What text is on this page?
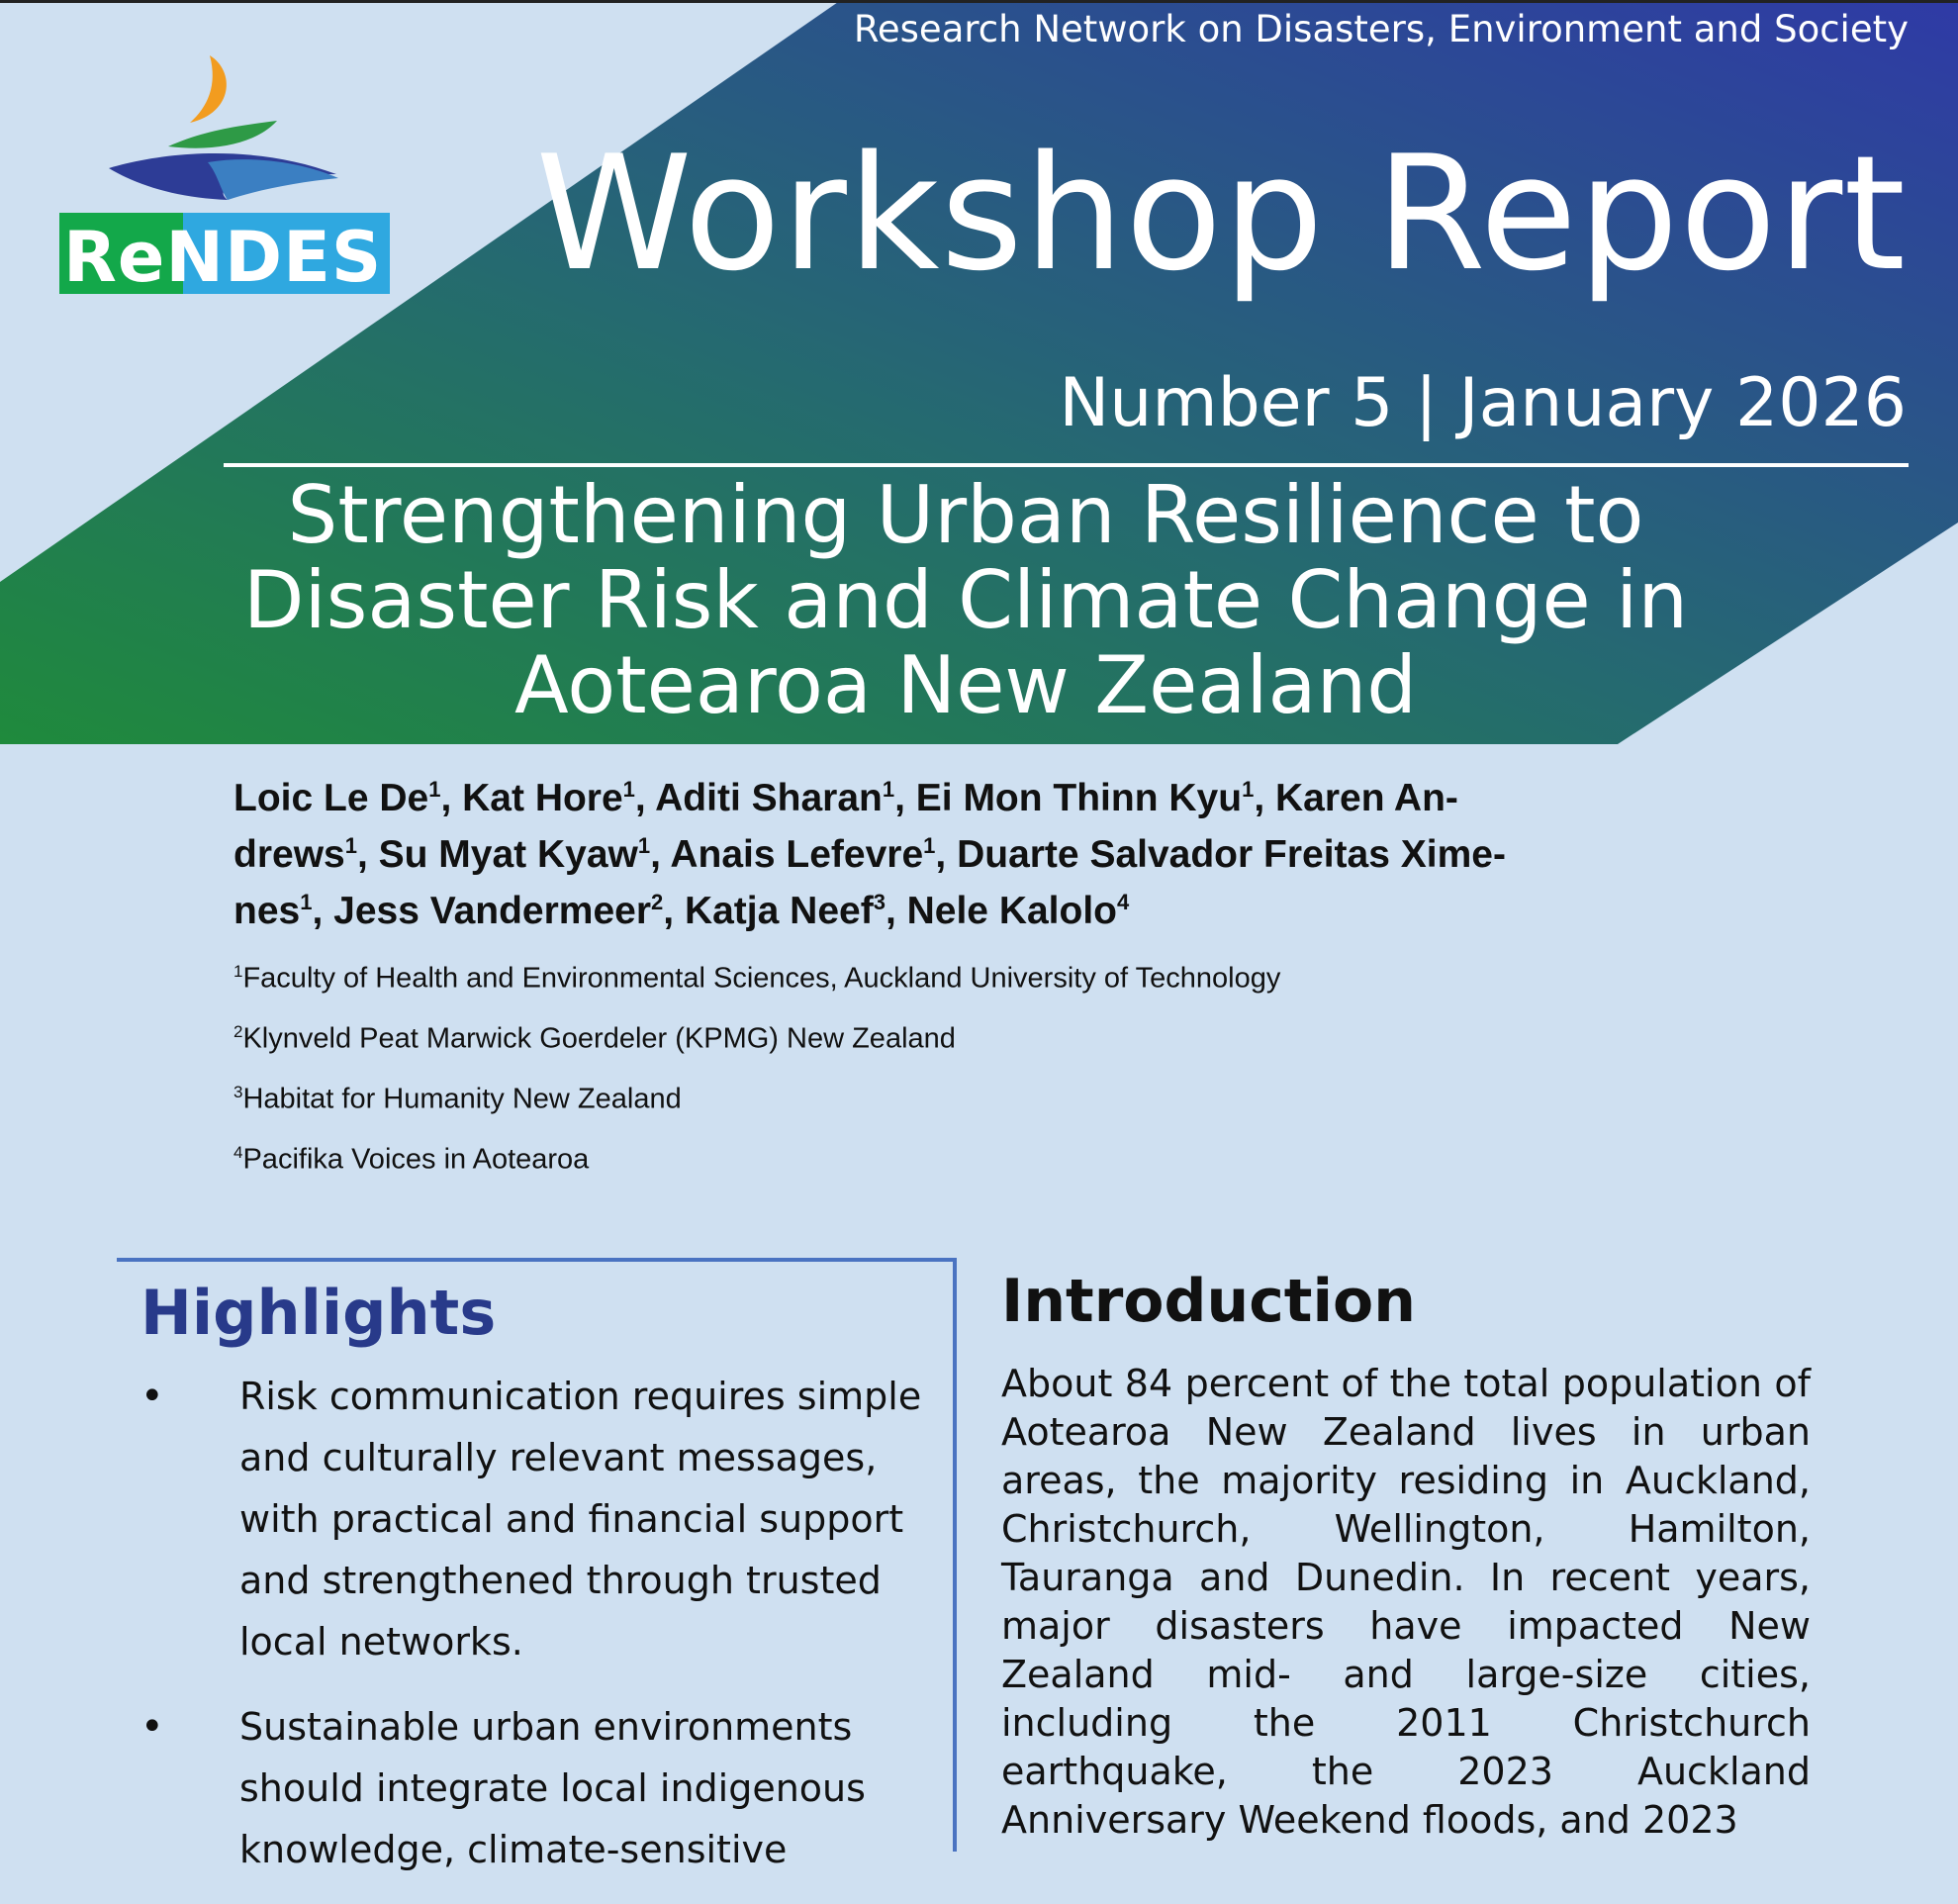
ReNDES
Research Network on Disasters, Environment and Society
Workshop Report
Number 5 | January 2026
Strengthening Urban Resilience to
Disaster Risk and Climate Change in
Aotearoa New Zealand
Loic Le De$^1$, Kat Hore$^1$, Aditi Sharan$^1$, Ei Mon Thinn Kyu$^1$, Karen An-
drews$^1$, Su Myat Kyaw$^1$, Anais Lefevre$^1$, Duarte Salvador Freitas Xime-
nes$^1$, Jess Vandermeer$^2$, Katja Neef$^3$, Nele Kalolo$^4$
$^1$Faculty of Health and Environmental Sciences, Auckland University of Technology
$^2$Klynveld Peat Marwick Goerdeler (KPMG) New Zealand
$^3$Habitat for Humanity New Zealand
$^4$Pacifika Voices in Aotearoa
Highlights
• Risk communication requires simple
and culturally relevant messages,
with practical and financial support
and strengthened through trusted
local networks.
• Sustainable urban environments
should integrate local indigenous
knowledge, climate-sensitive
Introduction
About 84 percent of the total population of Aotearoa New Zealand lives in urban areas, the majority residing in Auckland, Christchurch, Wellington, Hamilton, Tauranga and Dunedin. In recent years, major disasters have impacted New Zealand mid- and large-size cities, including the 2011 Christchurch earthquake, the 2023 Auckland Anniversary Weekend floods, and 2023
